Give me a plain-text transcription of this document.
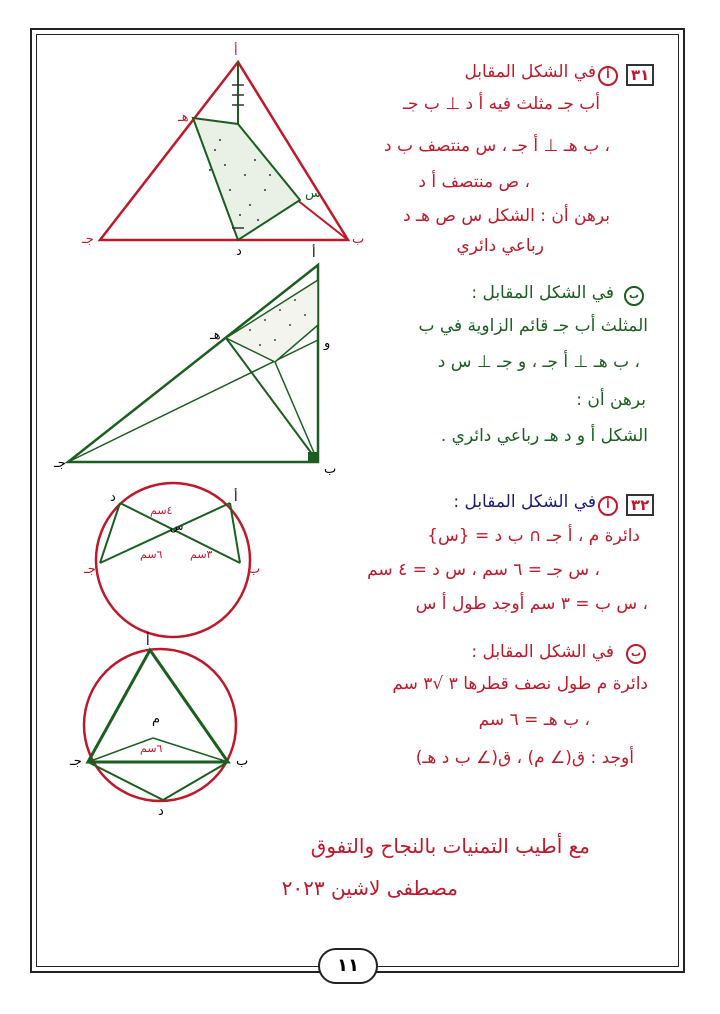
أ
جـ	ب
هـ
د
س
أ
جـ	ب
هـ
و
د	أ
جـ	ب
٤سم
٦سم	٣سم
س
أ
جـ	ب
د
م
٦سم
٣١
أ
في الشكل المقابل
أب جـ مثلث فيه أ د ⊥ ب جـ
، ب هـ ⊥ أ جـ ، س منتصف ب د
، ص منتصف أ د
برهن أن : الشكل س ص هـ د
رباعي دائري
ب
في الشكل المقابل :
المثلث أب جـ قائم الزاوية في ب
، ب هـ ⊥ أ جـ ، و جـ ⊥ س د
برهن أن :
الشكل أ و د هـ رباعي دائري .
٣٢
أ
في الشكل المقابل :
دائرة م ، أ جـ ∩ ب د = {س}
، س جـ = ٦ سم ، س د = ٤ سم
، س ب = ٣ سم أوجد طول أ س
ب
في الشكل المقابل :
دائرة م طول نصف قطرها ٣ √٣ سم
، ب هـ = ٦ سم
أوجد : ق(∠ م) ، ق(∠ ب د هـ)
مع أطيب التمنيات بالنجاح والتفوق
مصطفى لاشين ٢٠٢٣
١١
